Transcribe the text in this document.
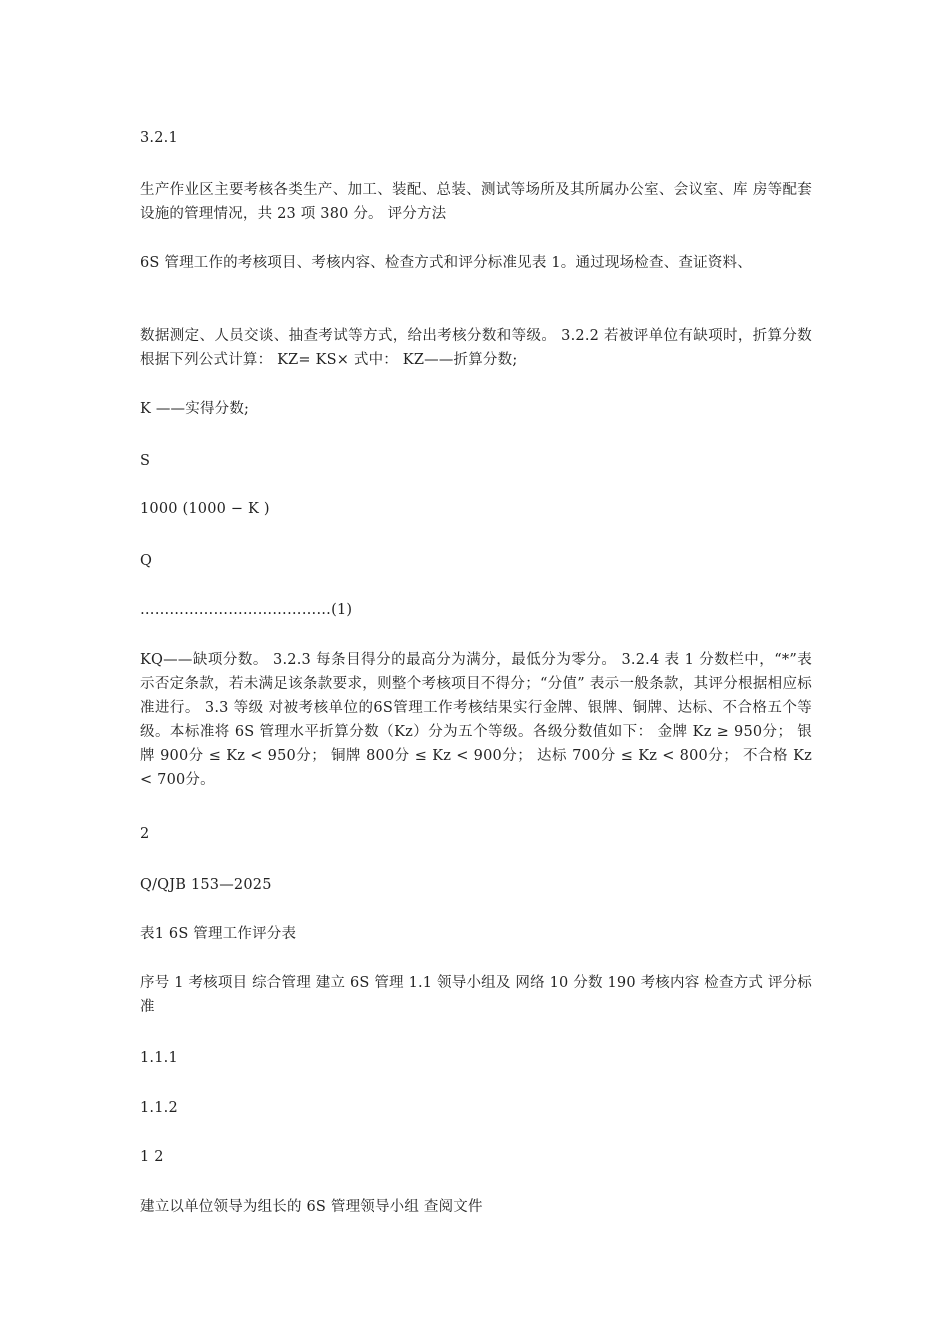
3.2.1

生产作业区主要考核各类生产、加工、装配、总装、测试等场所及其所属办公室、会议室、库 房等配套设施的管理情况，共 23 项 380 分。 评分方法

6S 管理工作的考核项目、考核内容、检查方式和评分标准见表 1。通过现场检查、查证资料、

数据测定、人员交谈、抽查考试等方式，给出考核分数和等级。 3.2.2 若被评单位有缺项时，折算分数根据下列公式计算： KZ= KS× 式中： KZ——折算分数;

K ——实得分数;

S

1000 (1000 − K )

Q

…………………………………(1)

KQ——缺项分数。 3.2.3 每条目得分的最高分为满分，最低分为零分。 3.2.4 表 1 分数栏中，“*”表示否定条款，若未满足该条款要求，则整个考核项目不得分；“分值” 表示一般条款，其评分根据相应标准进行。 3.3 等级 对被考核单位的6S管理工作考核结果实行金牌、银牌、铜牌、达标、不合格五个等级。本标准将 6S 管理水平折算分数（Kz）分为五个等级。各级分数值如下： 金牌 Kz ≥ 950分； 银牌 900分 ≤ Kz < 950分； 铜牌 800分 ≤ Kz < 900分； 达标 700分 ≤ Kz < 800分； 不合格 Kz < 700分。

2

Q/QJB 153—2025

表1 6S 管理工作评分表

序号 1 考核项目 综合管理 建立 6S 管理 1.1 领导小组及 网络 10 分数 190 考核内容 检查方式 评分标准

1.1.1

1.1.2

1 2

建立以单位领导为组长的 6S 管理领导小组 查阅文件
